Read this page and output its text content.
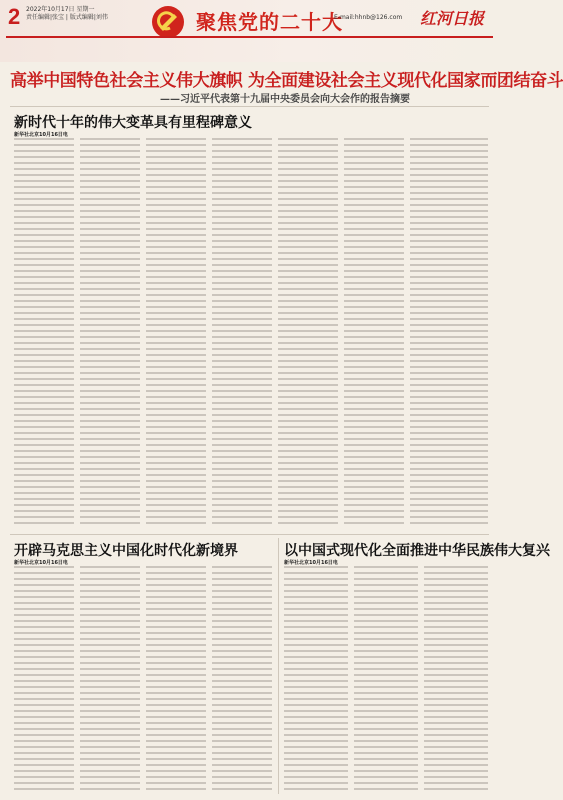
2 2022年10月17日 星期一
责任编辑|张宝 | 版式编辑|刘伟	聚焦党的二十大
E-mail:hhnb@126.com 红河日报
高举中国特色社会主义伟大旗帜 为全面建设社会主义现代化国家而团结奋斗
——习近平代表第十九届中央委员会向大会作的报告摘要
新时代十年的伟大变革具有里程碑意义
新华社北京10月16日电
开辟马克思主义中国化时代化新境界
新华社北京10月16日电
以中国式现代化全面推进中华民族伟大复兴
新华社北京10月16日电
